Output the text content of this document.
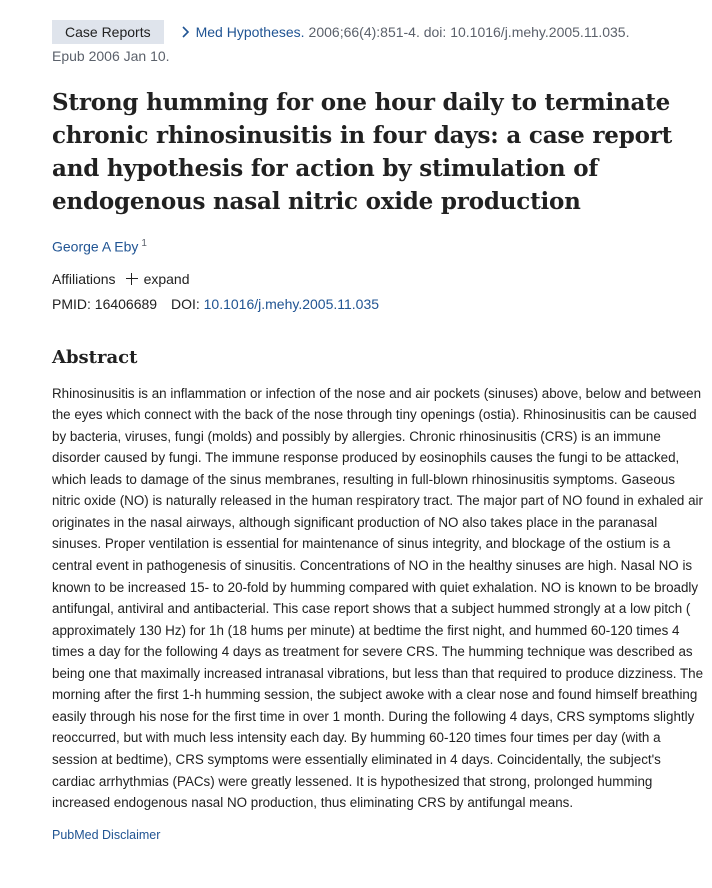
Case Reports	Med Hypotheses. 2006;66(4):851-4. doi: 10.1016/j.mehy.2005.11.035.
Epub 2006 Jan 10.
Strong humming for one hour daily to terminate chronic rhinosinusitis in four days: a case report and hypothesis for action by stimulation of endogenous nasal nitric oxide production
George A Eby $^1$
Affiliations expand
PMID: 16406689 DOI: 10.1016/j.mehy.2005.11.035
Abstract
Rhinosinusitis is an inflammation or infection of the nose and air pockets (sinuses) above, below and between the eyes which connect with the back of the nose through tiny openings (ostia). Rhinosinusitis can be caused by bacteria, viruses, fungi (molds) and possibly by allergies. Chronic rhinosinusitis (CRS) is an immune disorder caused by fungi. The immune response produced by eosinophils causes the fungi to be attacked, which leads to damage of the sinus membranes, resulting in full-blown rhinosinusitis symptoms. Gaseous nitric oxide (NO) is naturally released in the human respiratory tract. The major part of NO found in exhaled air originates in the nasal airways, although significant production of NO also takes place in the paranasal sinuses. Proper ventilation is essential for maintenance of sinus integrity, and blockage of the ostium is a central event in pathogenesis of sinusitis. Concentrations of NO in the healthy sinuses are high. Nasal NO is known to be increased 15- to 20-fold by humming compared with quiet exhalation. NO is known to be broadly antifungal, antiviral and antibacterial. This case report shows that a subject hummed strongly at a low pitch ( approximately 130 Hz) for 1h (18 hums per minute) at bedtime the first night, and hummed 60-120 times 4 times a day for the following 4 days as treatment for severe CRS. The humming technique was described as being one that maximally increased intranasal vibrations, but less than that required to produce dizziness. The morning after the first 1-h humming session, the subject awoke with a clear nose and found himself breathing easily through his nose for the first time in over 1 month. During the following 4 days, CRS symptoms slightly reoccurred, but with much less intensity each day. By humming 60-120 times four times per day (with a session at bedtime), CRS symptoms were essentially eliminated in 4 days. Coincidentally, the subject's cardiac arrhythmias (PACs) were greatly lessened. It is hypothesized that strong, prolonged humming increased endogenous nasal NO production, thus eliminating CRS by antifungal means.
PubMed Disclaimer
